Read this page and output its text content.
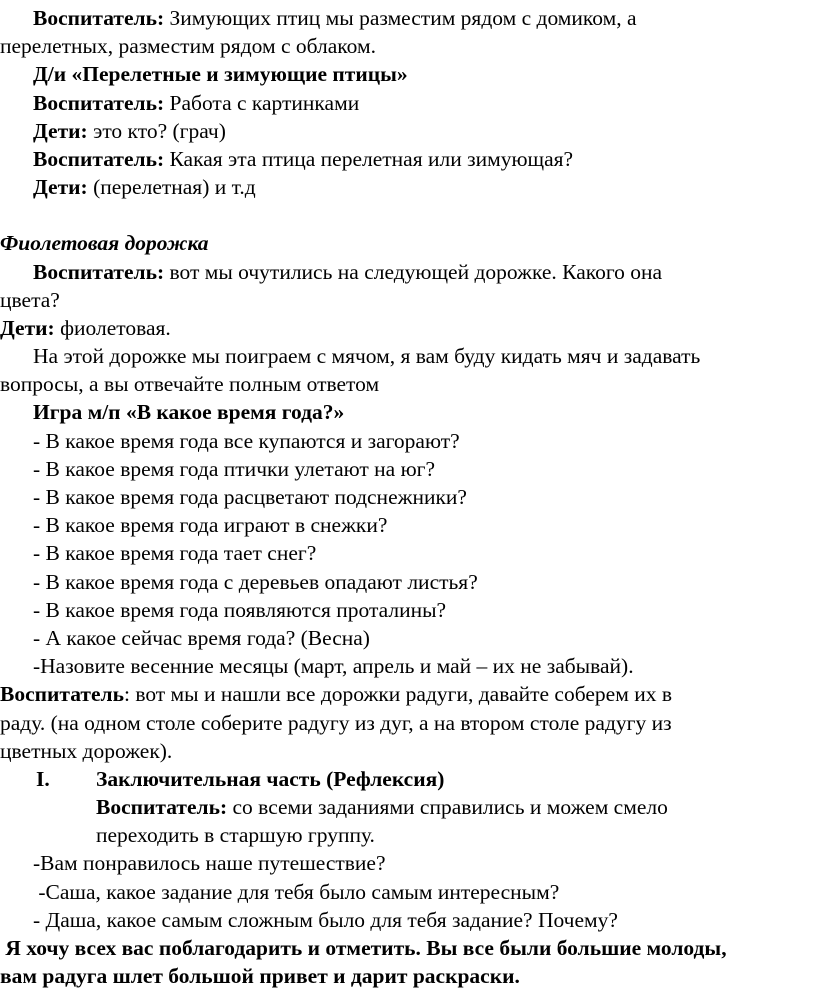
Воспитатель: Зимующих птиц мы разместим рядом с домиком, а
перелетных, разместим рядом с облаком.
Д/и «Перелетные и зимующие птицы»
Воспитатель: Работа с картинками
Дети: это кто? (грач)
Воспитатель: Какая эта птица перелетная или зимующая?
Дети: (перелетная) и т.д
Фиолетовая дорожка
Воспитатель: вот мы очутились на следующей дорожке. Какого она
цвета?
Дети: фиолетовая.
На этой дорожке мы поиграем с мячом, я вам буду кидать мяч и задавать
вопросы, а вы отвечайте полным ответом
Игра м/п «В какое время года?»
- В какое время года все купаются и загорают?
- В какое время года птички улетают на юг?
- В какое время года расцветают подснежники?
- В какое время года играют в снежки?
- В какое время года тает снег?
- В какое время года с деревьев опадают листья?
- В какое время года появляются проталины?
- А какое сейчас время года? (Весна)
-Назовите весенние месяцы (март, апрель и май – их не забывай).
Воспитатель: вот мы и нашли все дорожки радуги, давайте соберем их в
раду. (на одном столе соберите радугу из дуг, а на втором столе радугу из
цветных дорожек).
I. Заключительная часть (Рефлексия)
Воспитатель: со всеми заданиями справились и можем смело
переходить в старшую группу.
-Вам понравилось наше путешествие?
-Саша, какое задание для тебя было самым интересным?
- Даша, какое самым сложным было для тебя задание? Почему?
Я хочу всех вас поблагодарить и отметить. Вы все были большие молоды,
вам радуга шлет большой привет и дарит раскраски.
